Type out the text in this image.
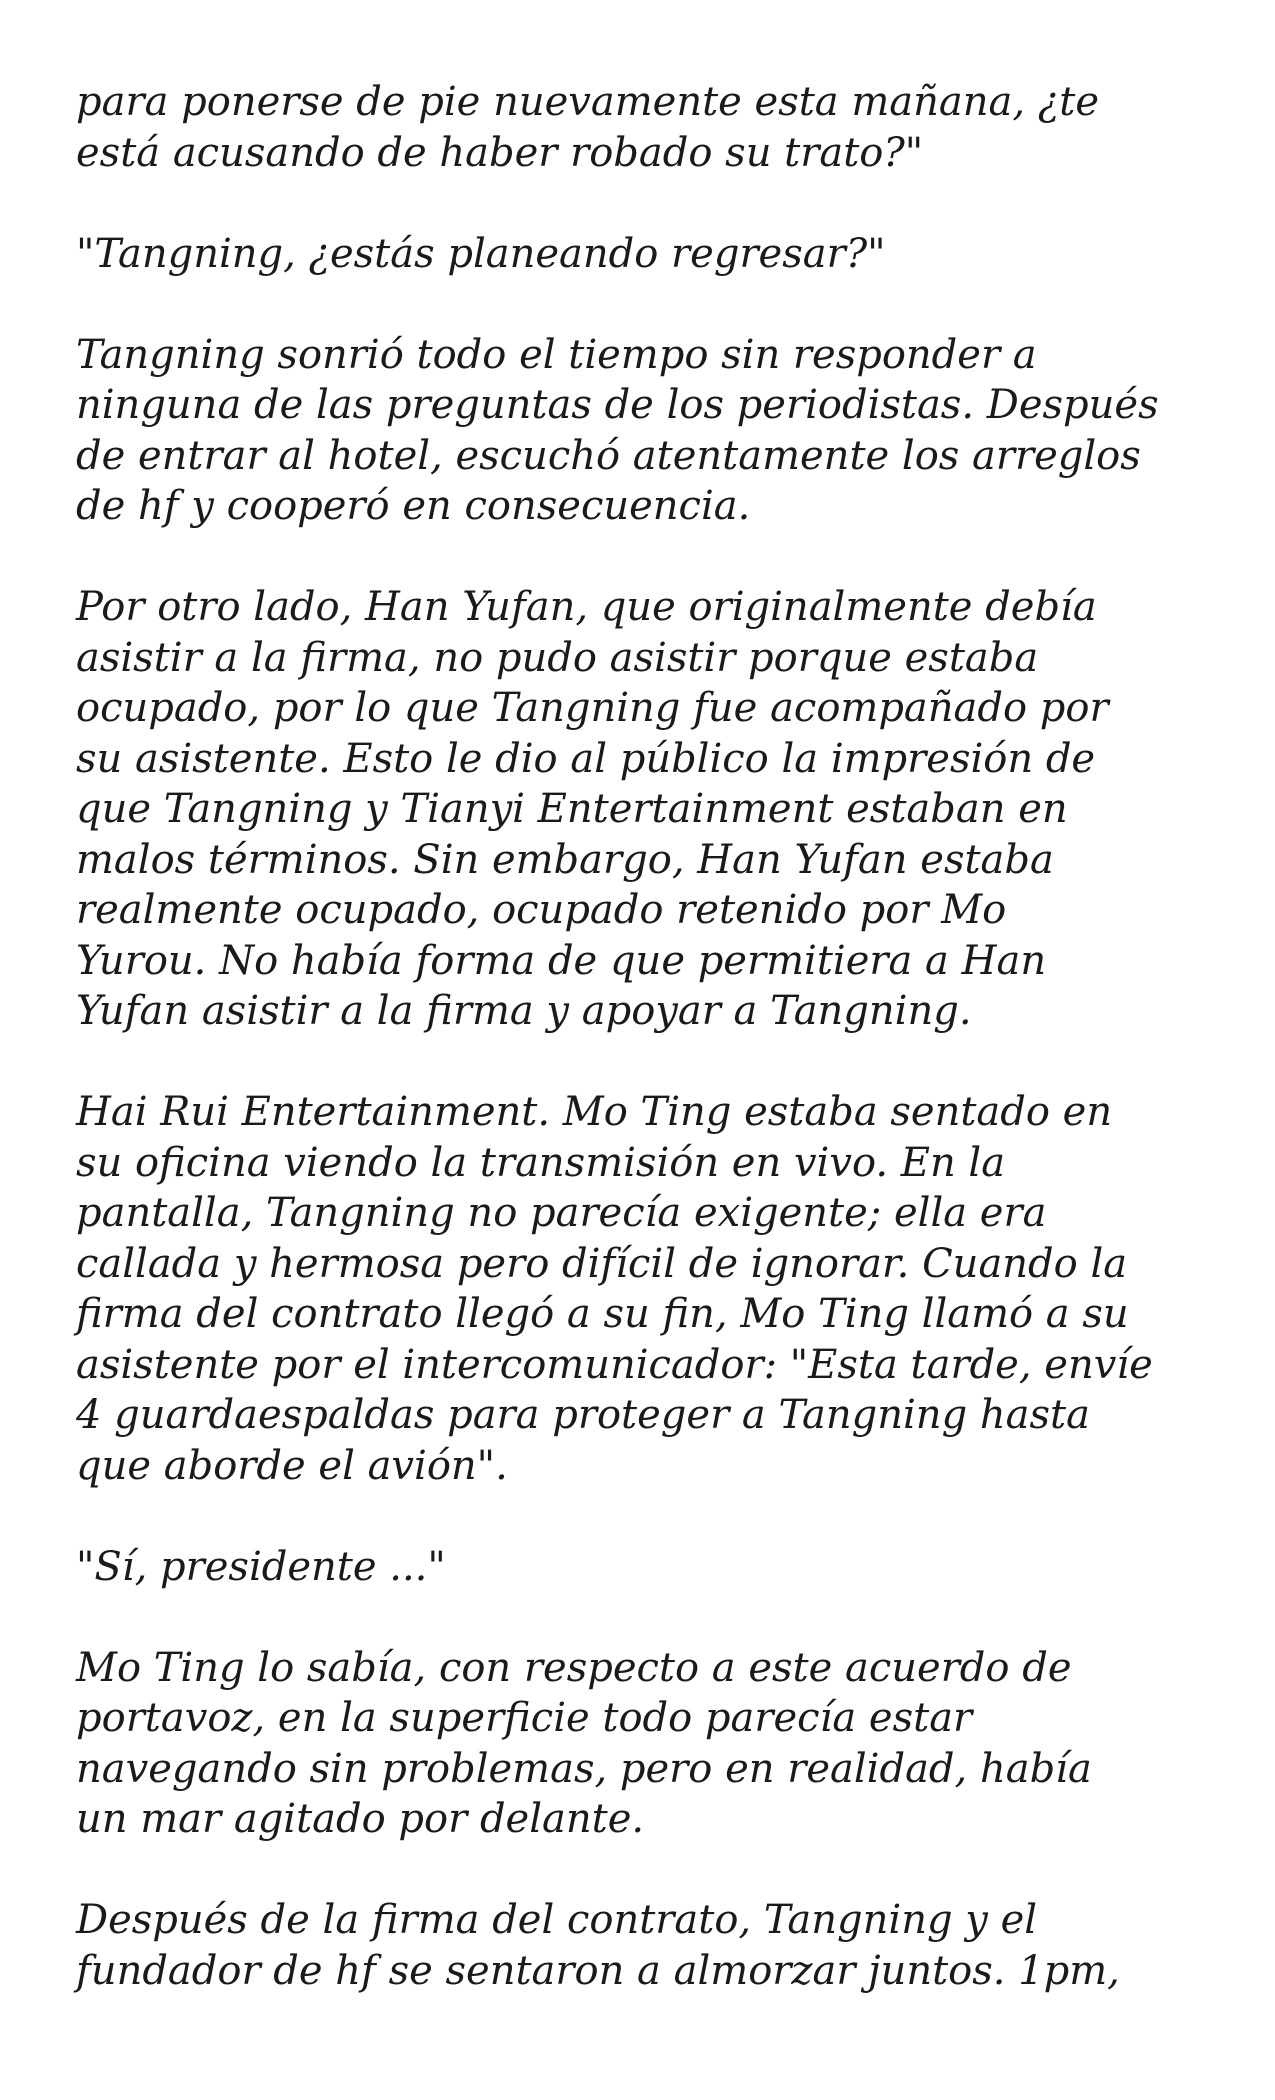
para ponerse de pie nuevamente esta mañana, ¿te
está acusando de haber robado su trato?"
"Tangning, ¿estás planeando regresar?"
Tangning sonrió todo el tiempo sin responder a
ninguna de las preguntas de los periodistas. Después
de entrar al hotel, escuchó atentamente los arreglos
de hf y cooperó en consecuencia.
Por otro lado, Han Yufan, que originalmente debía
asistir a la firma, no pudo asistir porque estaba
ocupado, por lo que Tangning fue acompañado por
su asistente. Esto le dio al público la impresión de
que Tangning y Tianyi Entertainment estaban en
malos términos. Sin embargo, Han Yufan estaba
realmente ocupado, ocupado retenido por Mo
Yurou. No había forma de que permitiera a Han
Yufan asistir a la firma y apoyar a Tangning.
Hai Rui Entertainment. Mo Ting estaba sentado en
su oficina viendo la transmisión en vivo. En la
pantalla, Tangning no parecía exigente; ella era
callada y hermosa pero difícil de ignorar. Cuando la
firma del contrato llegó a su fin, Mo Ting llamó a su
asistente por el intercomunicador: "Esta tarde, envíe
4 guardaespaldas para proteger a Tangning hasta
que aborde el avión".
"Sí, presidente ..."
Mo Ting lo sabía, con respecto a este acuerdo de
portavoz, en la superficie todo parecía estar
navegando sin problemas, pero en realidad, había
un mar agitado por delante.
Después de la firma del contrato, Tangning y el
fundador de hf se sentaron a almorzar juntos. 1pm,
